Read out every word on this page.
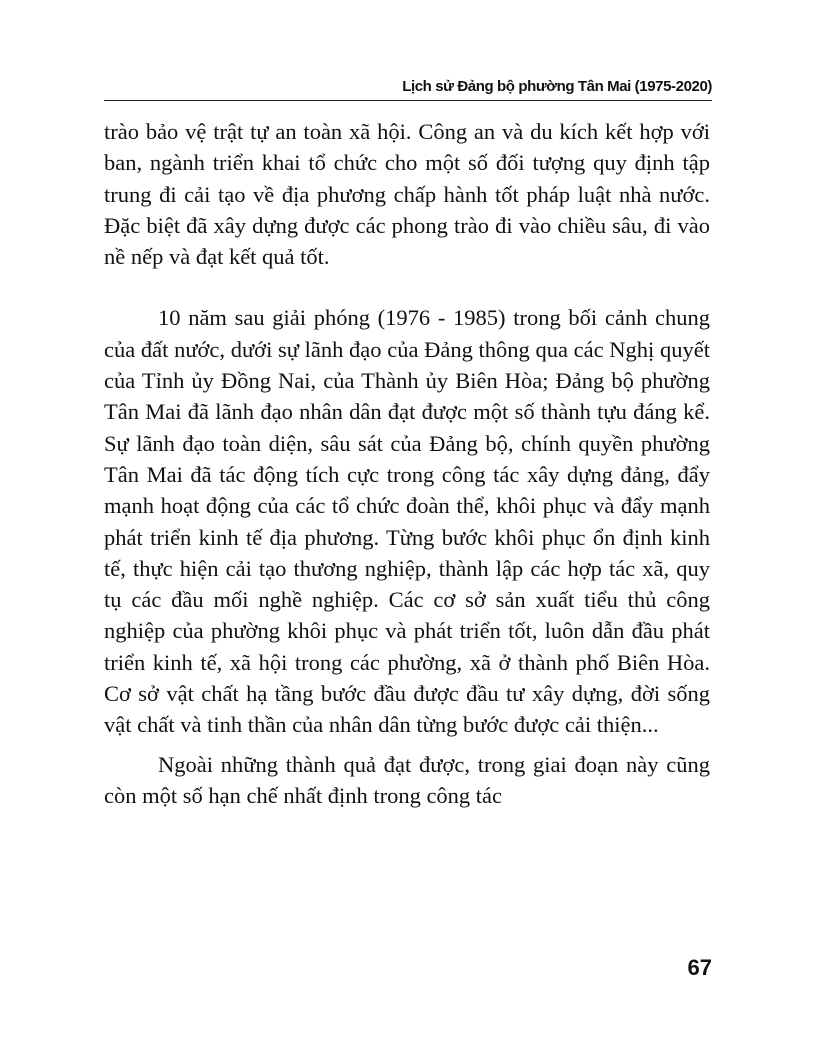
Lịch sử Đảng bộ phường Tân Mai (1975-2020)

trào bảo vệ trật tự an toàn xã hội. Công an và du kích kết hợp với ban, ngành triển khai tổ chức cho một số đối tượng quy định tập trung đi cải tạo về địa phương chấp hành tốt pháp luật nhà nước. Đặc biệt đã xây dựng được các phong trào đi vào chiều sâu, đi vào nề nếp và đạt kết quả tốt.

10 năm sau giải phóng (1976 - 1985) trong bối cảnh chung của đất nước, dưới sự lãnh đạo của Đảng thông qua các Nghị quyết của Tỉnh ủy Đồng Nai, của Thành ủy Biên Hòa; Đảng bộ phường Tân Mai đã lãnh đạo nhân dân đạt được một số thành tựu đáng kể. Sự lãnh đạo toàn diện, sâu sát của Đảng bộ, chính quyền phường Tân Mai đã tác động tích cực trong công tác xây dựng đảng, đẩy mạnh hoạt động của các tổ chức đoàn thể, khôi phục và đẩy mạnh phát triển kinh tế địa phương. Từng bước khôi phục ổn định kinh tế, thực hiện cải tạo thương nghiệp, thành lập các hợp tác xã, quy tụ các đầu mối nghề nghiệp. Các cơ sở sản xuất tiểu thủ công nghiệp của phường khôi phục và phát triển tốt, luôn dẫn đầu phát triển kinh tế, xã hội trong các phường, xã ở thành phố Biên Hòa. Cơ sở vật chất hạ tầng bước đầu được đầu tư xây dựng, đời sống vật chất và tinh thần của nhân dân từng bước được cải thiện...

Ngoài những thành quả đạt được, trong giai đoạn này cũng còn một số hạn chế nhất định trong công tác

67
